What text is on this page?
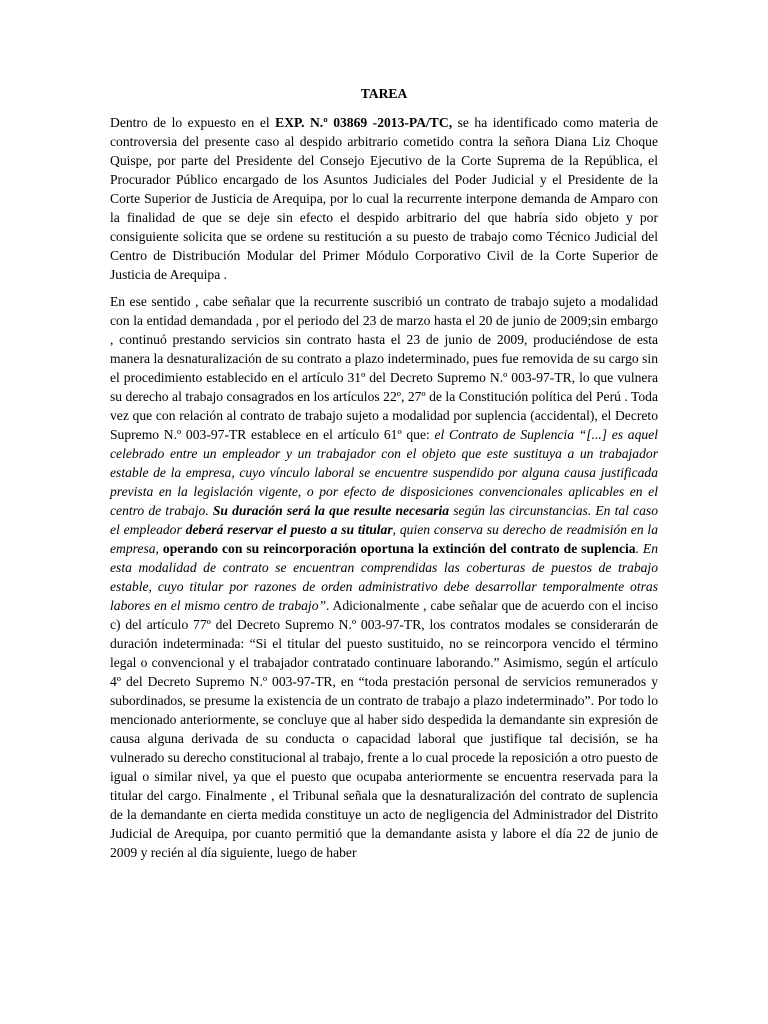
TAREA

Dentro de lo expuesto en el EXP. N.º 03869 -2013-PA/TC, se ha identificado como materia de controversia del presente caso al despido arbitrario cometido contra la señora Diana Liz Choque Quispe, por parte del Presidente del Consejo Ejecutivo de la Corte Suprema de la República, el Procurador Público encargado de los Asuntos Judiciales del Poder Judicial y el Presidente de la Corte Superior de Justicia de Arequipa, por lo cual la recurrente interpone demanda de Amparo con la finalidad de que se deje sin efecto el despido arbitrario del que habría sido objeto y por consiguiente solicita que se ordene su restitución a su puesto de trabajo como Técnico Judicial del Centro de Distribución Modular del Primer Módulo Corporativo Civil de la Corte Superior de Justicia de Arequipa .

En ese sentido , cabe señalar que la recurrente suscribió un contrato de trabajo sujeto a modalidad con la entidad demandada , por el periodo del 23 de marzo hasta el 20 de junio de 2009;sin embargo , continuó prestando servicios sin contrato hasta el 23 de junio de 2009, produciéndose de esta manera la desnaturalización de su contrato a plazo indeterminado, pues fue removida de su cargo sin el procedimiento establecido en el artículo 31º del Decreto Supremo N.º 003-97-TR, lo que vulnera su derecho al trabajo consagrados en los artículos 22º, 27º de la Constitución política del Perú . Toda vez que con relación al contrato de trabajo sujeto a modalidad por suplencia (accidental), el Decreto Supremo N.º 003-97-TR establece en el artículo 61º que: el Contrato de Suplencia “[...] es aquel celebrado entre un empleador y un trabajador con el objeto que este sustituya a un trabajador estable de la empresa, cuyo vínculo laboral se encuentre suspendido por alguna causa justificada prevista en la legislación vigente, o por efecto de disposiciones convencionales aplicables en el centro de trabajo. Su duración será la que resulte necesaria según las circunstancias. En tal caso el empleador deberá reservar el puesto a su titular, quien conserva su derecho de readmisión en la empresa, operando con su reincorporación oportuna la extinción del contrato de suplencia. En esta modalidad de contrato se encuentran comprendidas las coberturas de puestos de trabajo estable, cuyo titular por razones de orden administrativo debe desarrollar temporalmente otras labores en el mismo centro de trabajo”. Adicionalmente , cabe señalar que de acuerdo con el inciso c) del artículo 77º del Decreto Supremo N.º 003-97-TR, los contratos modales se considerarán de duración indeterminada: “Si el titular del puesto sustituido, no se reincorpora vencido el término legal o convencional y el trabajador contratado continuare laborando.” Asimismo, según el artículo 4º del Decreto Supremo N.º 003-97-TR, en “toda prestación personal de servicios remunerados y subordinados, se presume la existencia de un contrato de trabajo a plazo indeterminado”. Por todo lo mencionado anteriormente, se concluye que al haber sido despedida la demandante sin expresión de causa alguna derivada de su conducta o capacidad laboral que justifique tal decisión, se ha vulnerado su derecho constitucional al trabajo, frente a lo cual procede la reposición a otro puesto de igual o similar nivel, ya que el puesto que ocupaba anteriormente se encuentra reservada para la titular del cargo. Finalmente , el Tribunal señala que la desnaturalización del contrato de suplencia de la demandante en cierta medida constituye un acto de negligencia del Administrador del Distrito Judicial de Arequipa, por cuanto permitió que la demandante asista y labore el día 22 de junio de 2009 y recién al día siguiente, luego de haber
